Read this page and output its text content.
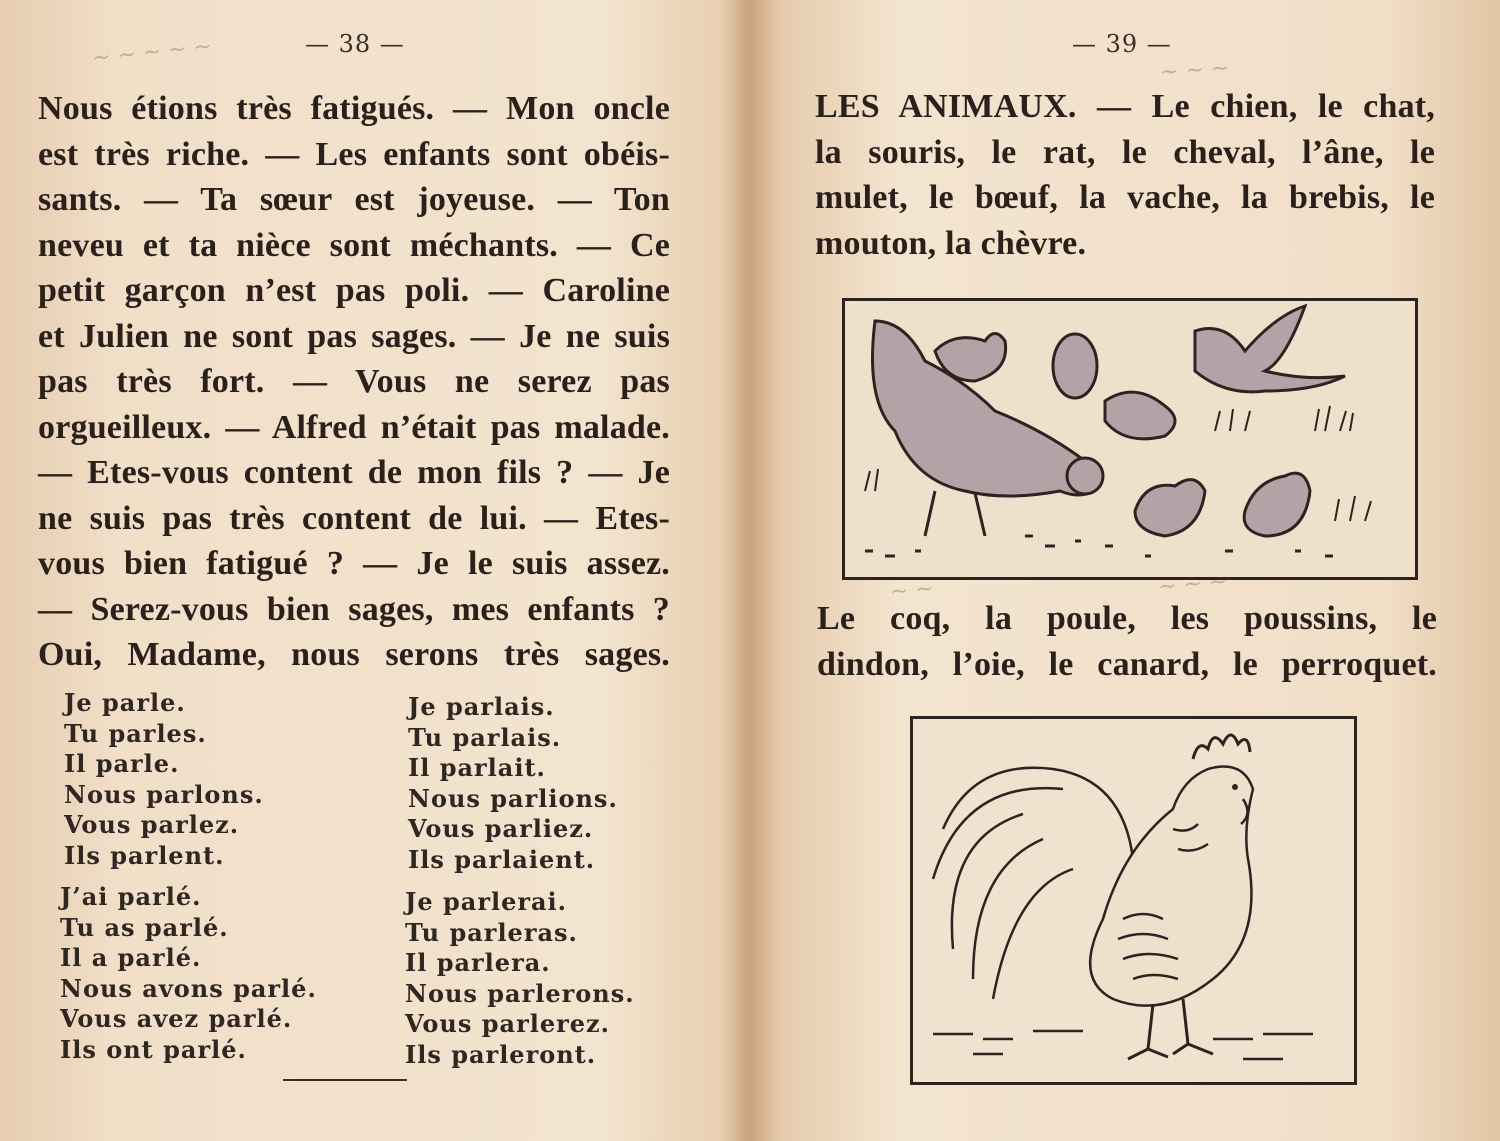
— 38 —
~ ~ ~ ~ ~
Nous étions très fatigués. — Mon oncle
est très riche. — Les enfants sont obéis-
sants. — Ta sœur est joyeuse. — Ton
neveu et ta nièce sont méchants. — Ce
petit garçon n’est pas poli. — Caroline
et Julien ne sont pas sages. — Je ne suis
pas très fort. — Vous ne serez pas
orgueilleux. — Alfred n’était pas malade.
— Etes-vous content de mon fils ? — Je
ne suis pas très content de lui. — Etes-
vous bien fatigué ? — Je le suis assez.
— Serez-vous bien sages, mes enfants ?
Oui, Madame, nous serons très sages.
Je parle.
Tu parles.
Il parle.
Nous parlons.
Vous parlez.
Ils parlent.
Je parlais.
Tu parlais.
Il parlait.
Nous parlions.
Vous parliez.
Ils parlaient.
J’ai parlé.
Tu as parlé.
Il a parlé.
Nous avons parlé.
Vous avez parlé.
Ils ont parlé.
Je parlerai.
Tu parleras.
Il parlera.
Nous parlerons.
Vous parlerez.
Ils parleront.
— 39 —
~ ~ ~
LES ANIMAUX. — Le chien, le chat,
la souris, le rat, le cheval, l’âne, le
mulet, le bœuf, la vache, la brebis, le
mouton, la chèvre.
~ ~	~ ~ ~
Le coq, la poule, les poussins, le
dindon, l’oie, le canard, le perroquet.
